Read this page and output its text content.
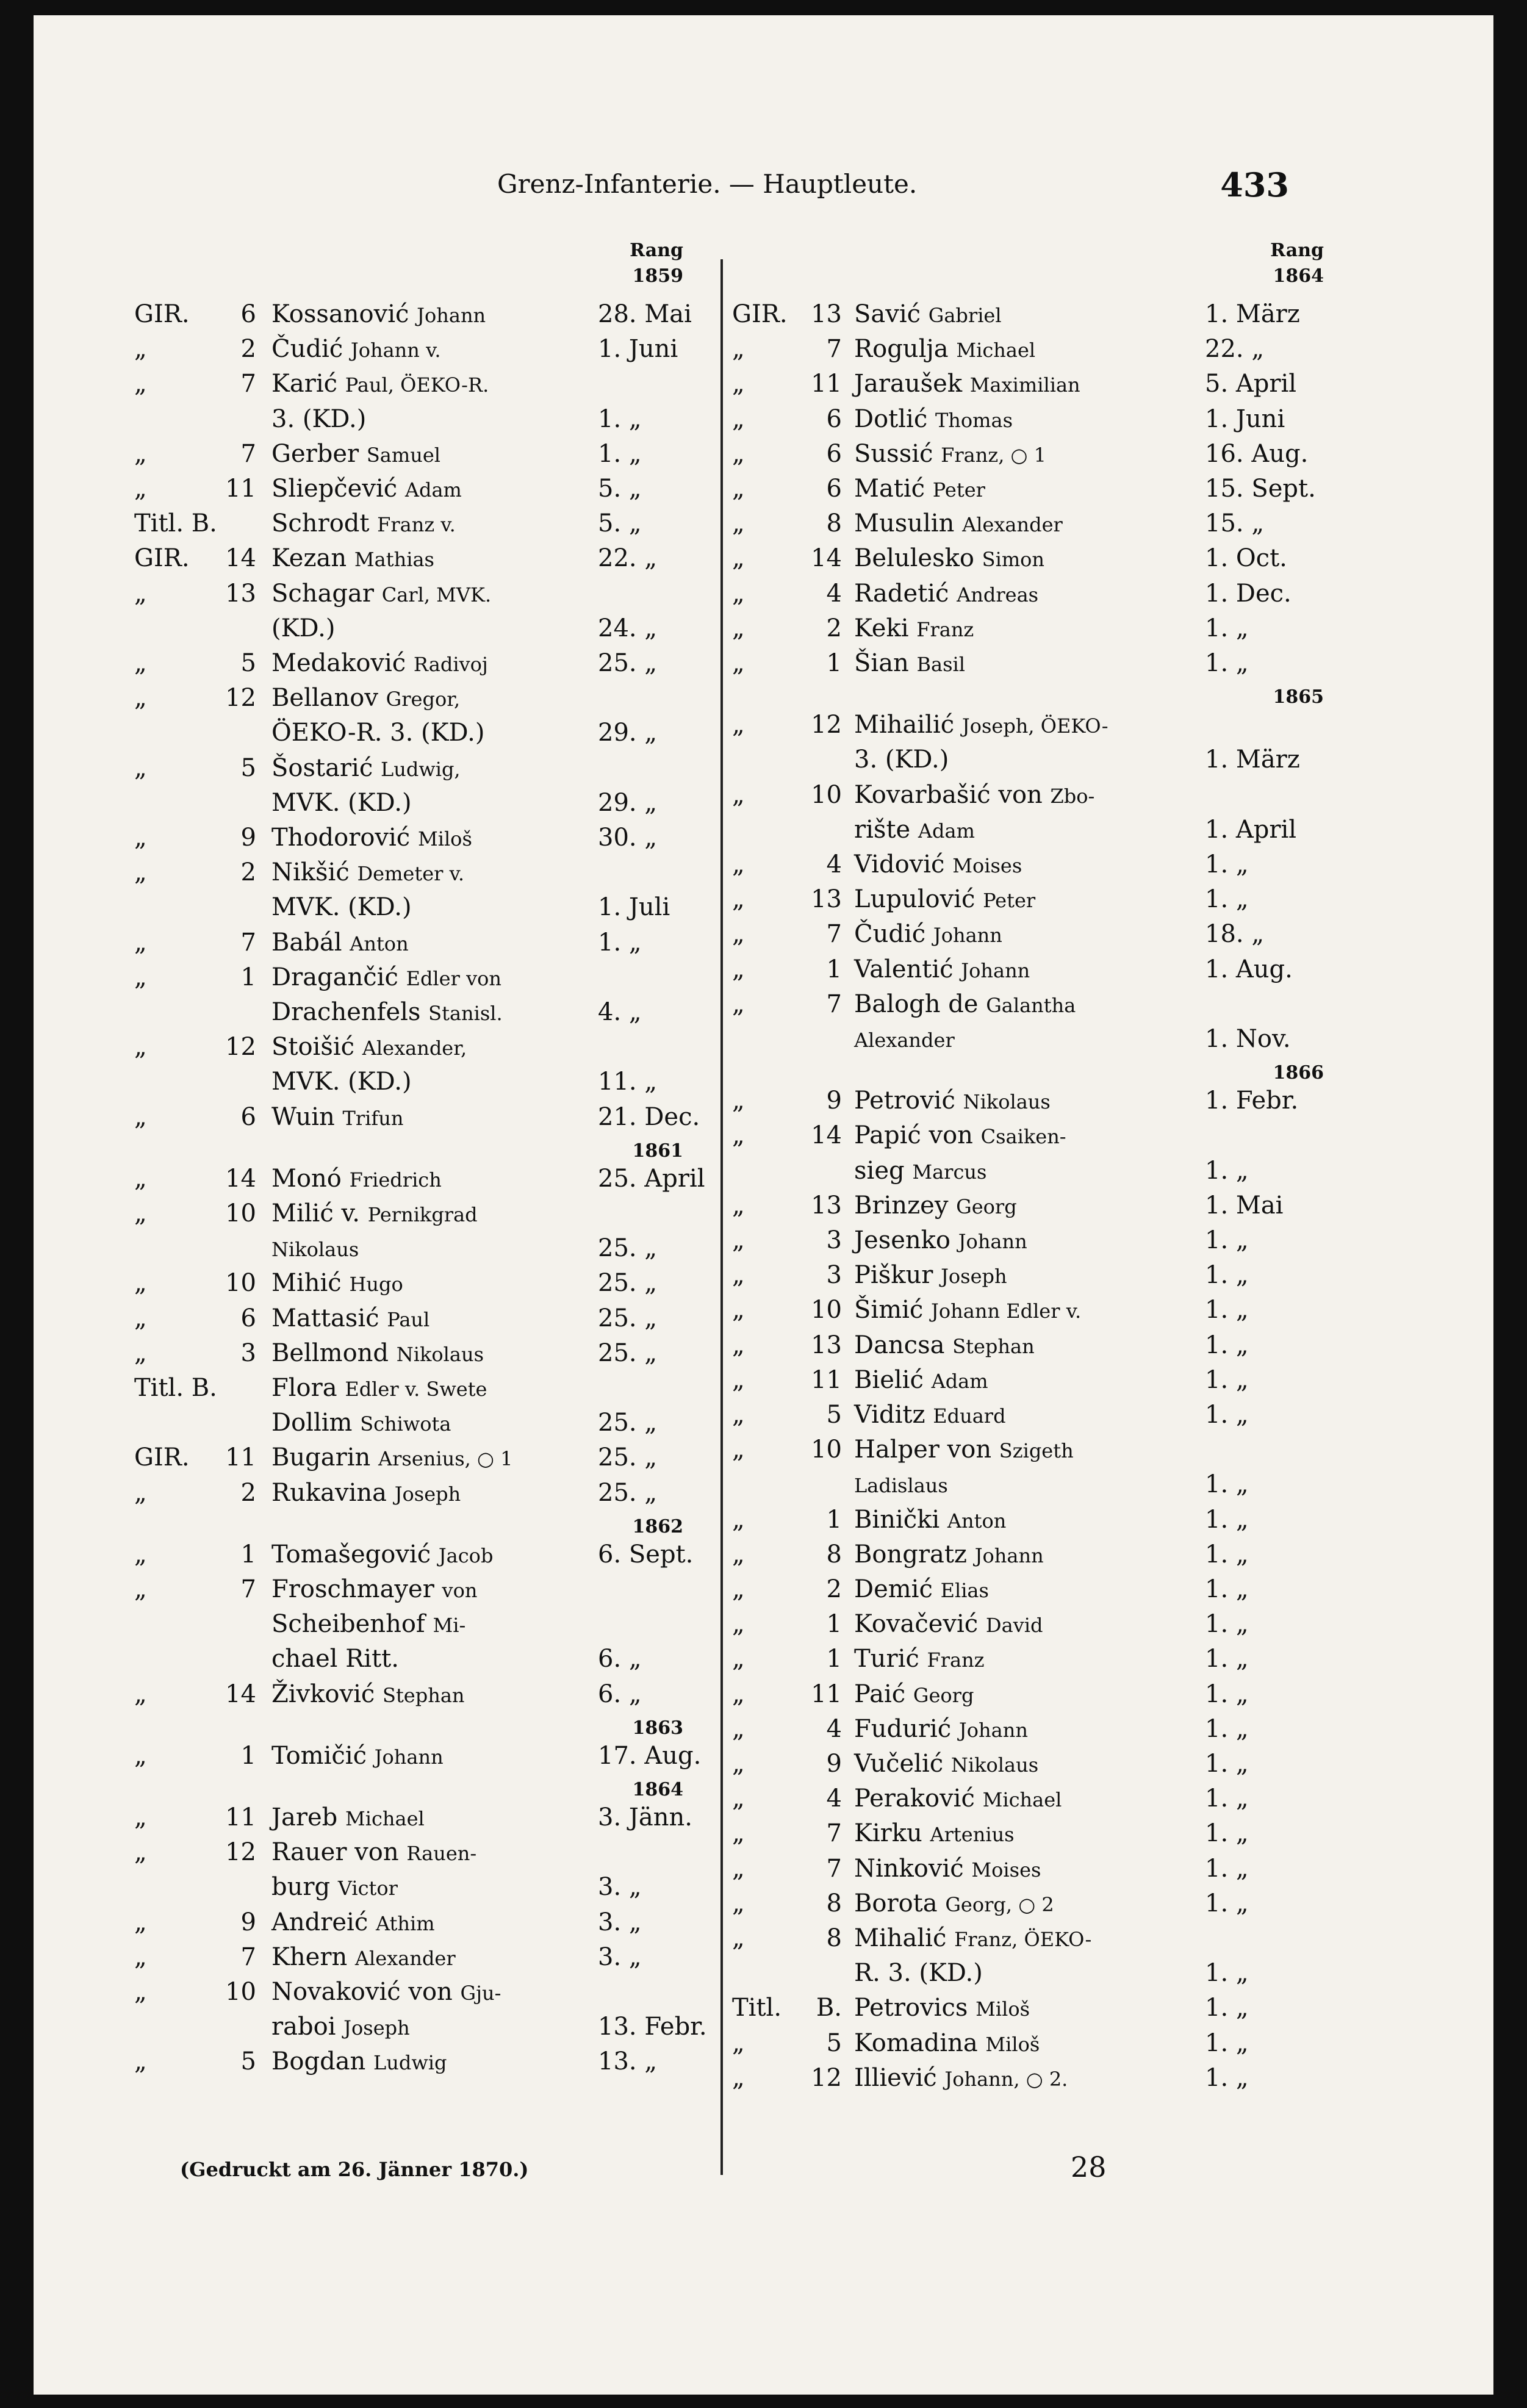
Grenz-Infanterie. — Hauptleute.	433
Rang
1859
GIR.	6 Kossanović Johann	28. Mai
„	2 Čudić Johann v.	1. Juni
„	7 Karić Paul, ÖEKO-R.
3. (KD.)	1. „
„	7 Gerber Samuel	1. „
„	11 Sliepčević Adam	5. „
Titl. B. Schrodt Franz v.	5. „
GIR.	14 Kezan Mathias	22. „
„	13 Schagar Carl, MVK.
(KD.)	24. „
„	5 Medaković Radivoj	25. „
„	12 Bellanov Gregor,
ÖEKO-R. 3. (KD.)	29. „
„	5 Šostarić Ludwig,
MVK. (KD.)	29. „
„	9 Thodorović Miloš	30. „
„	2 Nikšić Demeter v.
MVK. (KD.)	1. Juli
„	7 Babál Anton	1. „
„	1 Dragančić Edler von
Drachenfels Stanisl.	4. „
„	12 Stoišić Alexander,
MVK. (KD.)	11. „
„	6 Wuin Trifun	21. Dec.
1861
„	14 Monó Friedrich	25. April
„	10 Milić v. Pernikgrad
Nikolaus	25. „
„	10 Mihić Hugo	25. „
„	6 Mattasić Paul	25. „
„	3 Bellmond Nikolaus	25. „
Titl. B. Flora Edler v. Swete
Dollim Schiwota	25. „
GIR.	11 Bugarin Arsenius, ○ 1	25. „
„	2 Rukavina Joseph	25. „
1862
„	1 Tomašegović Jacob	6. Sept.
„	7 Froschmayer von
Scheibenhof Mi-
chael Ritt.	6. „
„	14 Živković Stephan	6. „
1863
„	1 Tomičić Johann	17. Aug.
1864
„	11 Jareb Michael	3. Jänn.
„	12 Rauer von Rauen-
burg Victor	3. „
„	9 Andreić Athim	3. „
„	7 Khern Alexander	3. „
„	10 Novaković von Gju-
raboi Joseph	13. Febr.
„	5 Bogdan Ludwig	13. „
Rang
1864
GIR. 13 Savić Gabriel	1. März
„	7 Rogulja Michael	22. „
„	11 Jaraušek Maximilian	5. April
„	6 Dotlić Thomas	1. Juni
„	6 Sussić Franz, ○ 1	16. Aug.
„	6 Matić Peter	15. Sept.
„	8 Musulin Alexander	15. „
„	14 Belulesko Simon	1. Oct.
„	4 Radetić Andreas	1. Dec.
„	2 Keki Franz	1. „
„	1 Šian Basil	1. „
1865
„	12 Mihailić Joseph, ÖEKO-
3. (KD.)	1. März
„	10 Kovarbašić von Zbo-
rište Adam	1. April
„	4 Vidović Moises	1. „
„	13 Lupulović Peter	1. „
„	7 Čudić Johann	18. „
„	1 Valentić Johann	1. Aug.
„	7 Balogh de Galantha
Alexander	1. Nov.
1866
„	9 Petrović Nikolaus	1. Febr.
„	14 Papić von Csaiken-
sieg Marcus	1. „
„	13 Brinzey Georg	1. Mai
„	3 Jesenko Johann	1. „
„	3 Piškur Joseph	1. „
„	10 Šimić Johann Edler v.	1. „
„	13 Dancsa Stephan	1. „
„	11 Bielić Adam	1. „
„	5 Viditz Eduard	1. „
„	10 Halper von Szigeth
Ladislaus	1. „
„	1 Binički Anton	1. „
„	8 Bongratz Johann	1. „
„	2 Demić Elias	1. „
„	1 Kovačević David	1. „
„	1 Turić Franz	1. „
„	11 Paić Georg	1. „
„	4 Fudurić Johann	1. „
„	9 Vučelić Nikolaus	1. „
„	4 Peraković Michael	1. „
„	7 Kirku Artenius	1. „
„	7 Ninković Moises	1. „
„	8 Borota Georg, ○ 2	1. „
„	8 Mihalić Franz, ÖEKO-
R. 3. (KD.)	1. „
Titl.	B. Petrovics Miloš	1. „
„	5 Komadina Miloš	1. „
„	12 Illiević Johann, ○ 2.	1. „
(Gedruckt am 26. Jänner 1870.)	28
